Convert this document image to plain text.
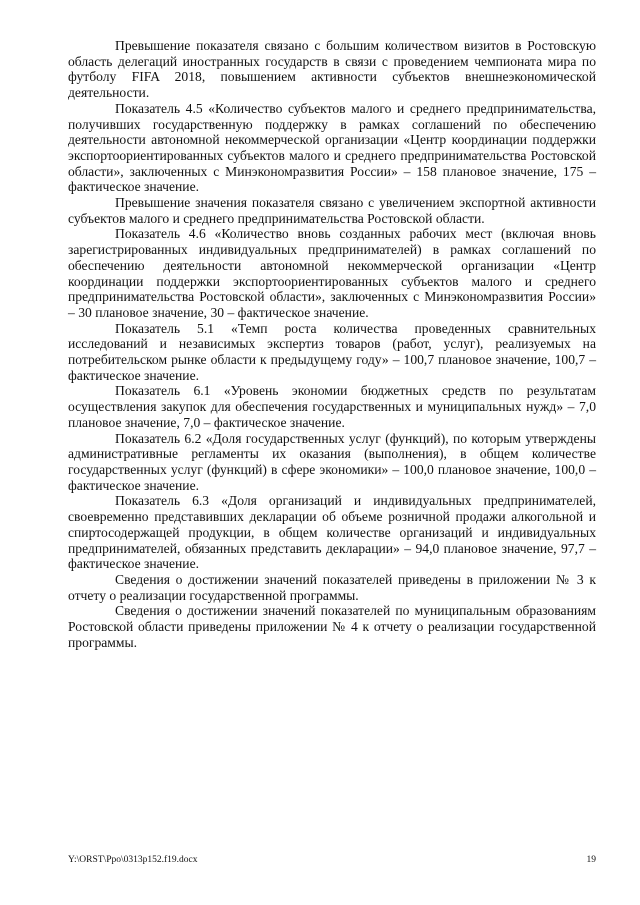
Превышение показателя связано с большим количеством визитов в Ростовскую область делегаций иностранных государств в связи с проведением чемпионата мира по футболу FIFA 2018, повышением активности субъектов внешнеэкономической деятельности.

Показатель 4.5 «Количество субъектов малого и среднего предпринимательства, получивших государственную поддержку в рамках соглашений по обеспечению деятельности автономной некоммерческой организации «Центр координации поддержки экспортоориентированных субъектов малого и среднего предпринимательства Ростовской области», заключенных с Минэкономразвития России» – 158 плановое значение, 175 – фактическое значение.

Превышение значения показателя связано с увеличением экспортной активности субъектов малого и среднего предпринимательства Ростовской области.

Показатель 4.6 «Количество вновь созданных рабочих мест (включая вновь зарегистрированных индивидуальных предпринимателей) в рамках соглашений по обеспечению деятельности автономной некоммерческой организации «Центр координации поддержки экспортоориентированных субъектов малого и среднего предпринимательства Ростовской области», заключенных с Минэкономразвития России» – 30 плановое значение, 30 – фактическое значение.

Показатель 5.1 «Темп роста количества проведенных сравнительных исследований и независимых экспертиз товаров (работ, услуг), реализуемых на потребительском рынке области к предыдущему году» – 100,7 плановое значение, 100,7 – фактическое значение.

Показатель 6.1 «Уровень экономии бюджетных средств по результатам осуществления закупок для обеспечения государственных и муниципальных нужд» – 7,0 плановое значение, 7,0 – фактическое значение.

Показатель 6.2 «Доля государственных услуг (функций), по которым утверждены административные регламенты их оказания (выполнения), в общем количестве государственных услуг (функций) в сфере экономики» – 100,0 плановое значение, 100,0 – фактическое значение.

Показатель 6.3 «Доля организаций и индивидуальных предпринимателей, своевременно представивших декларации об объеме розничной продажи алкогольной и спиртосодержащей продукции, в общем количестве организаций и индивидуальных предпринимателей, обязанных представить декларации» – 94,0 плановое значение, 97,7 – фактическое значение.

Сведения о достижении значений показателей приведены в приложении № 3 к отчету о реализации государственной программы.

Сведения о достижении значений показателей по муниципальным образованиям Ростовской области приведены приложении № 4 к отчету о реализации государственной программы.

Y:\ORST\Ppo\0313p152.f19.docx	19
